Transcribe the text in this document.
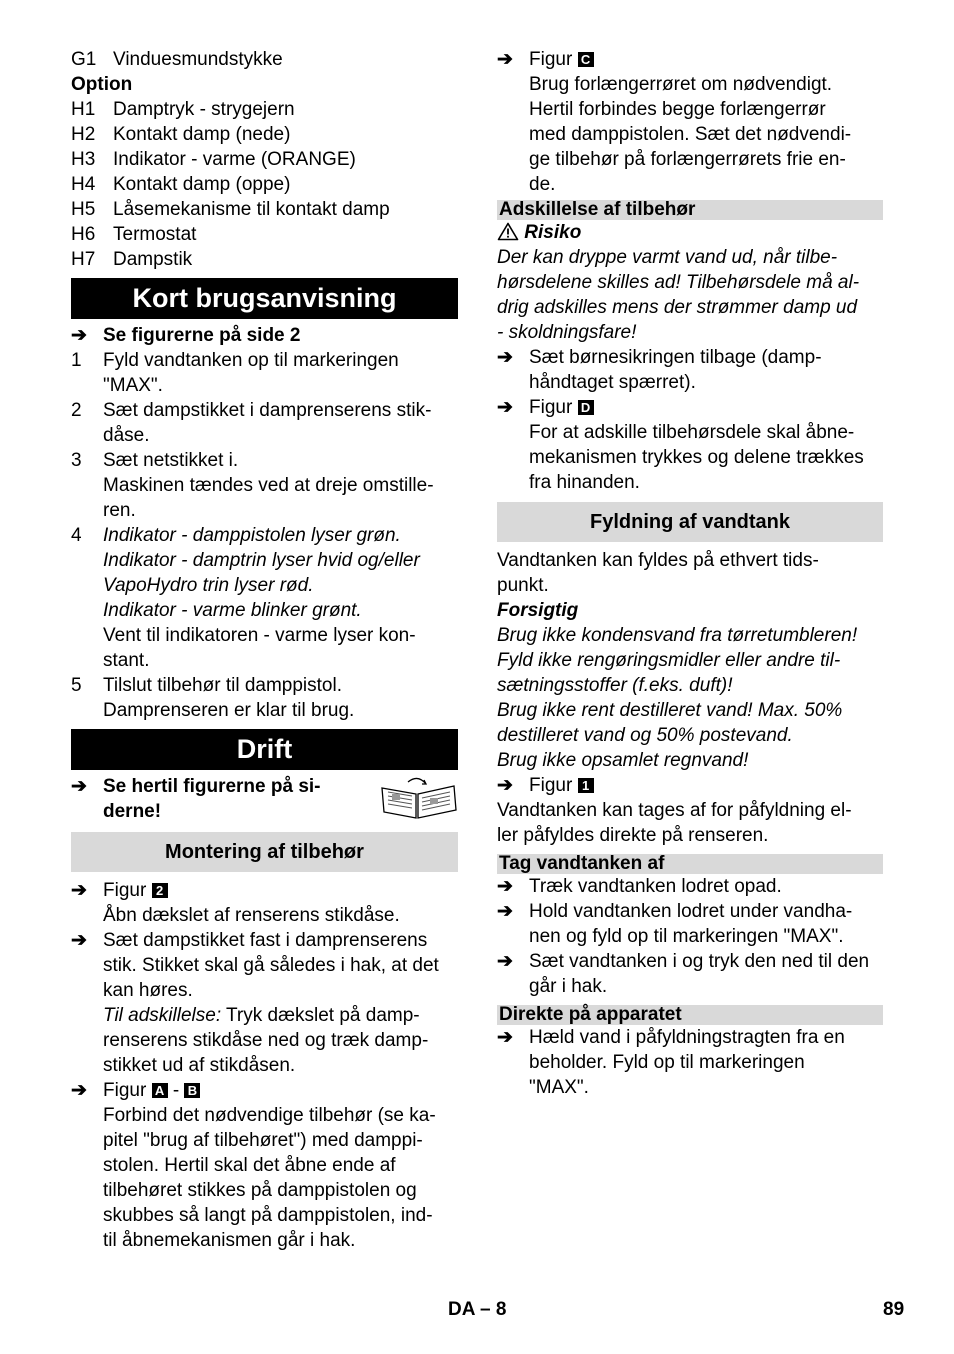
G1 Vinduesmundstykke
Option
H1 Damptryk - strygejern
H2 Kontakt damp (nede)
H3 Indikator - varme (ORANGE)
H4 Kontakt damp (oppe)
H5 Låsemekanisme til kontakt damp
H6 Termostat
H7 Dampstik
Kort brugsanvisning
➔ Se figurerne på side 2
1	Fyld vandtanken op til markeringen
"MAX".
2	Sæt dampstikket i damprenserens stik-
dåse.
3	Sæt netstikket i.
Maskinen tændes ved at dreje omstille-
ren.
4	Indikator - damppistolen lyser grøn.
Indikator - damptrin lyser hvid og/eller
VapoHydro trin lyser rød.
Indikator - varme blinker grønt.
Vent til indikatoren - varme lyser kon-
stant.
5	Tilslut tilbehør til damppistol.
Damprenseren er klar til brug.
Drift
➔ Se hertil figurerne på si-
derne!
Montering af tilbehør
➔ Figur 2
Åbn dækslet af renserens stikdåse.
➔ Sæt dampstikket fast i damprenserens
stik. Stikket skal gå således i hak, at det
kan høres.
Til adskillelse: Tryk dækslet på damp-
renserens stikdåse ned og træk damp-
stikket ud af stikdåsen.
➔ Figur A - B
Forbind det nødvendige tilbehør (se ka-
pitel "brug af tilbehøret") med damppi-
stolen. Hertil skal det åbne ende af
tilbehøret stikkes på damppistolen og
skubbes så langt på damppistolen, ind-
til åbnemekanismen går i hak.
➔ Figur C
Brug forlængerrøret om nødvendigt.
Hertil forbindes begge forlængerrør
med damppistolen. Sæt det nødvendi-
ge tilbehør på forlængerrørets frie en-
de.
Adskillelse af tilbehør
Risiko
Der kan dryppe varmt vand ud, når tilbe-
hørsdelene skilles ad! Tilbehørsdele må al-
drig adskilles mens der strømmer damp ud
- skoldningsfare!
➔ Sæt børnesikringen tilbage (damp-
håndtaget spærret).
➔ Figur D
For at adskille tilbehørsdele skal åbne-
mekanismen trykkes og delene trækkes
fra hinanden.
Fyldning af vandtank
Vandtanken kan fyldes på ethvert tids-
punkt.
Forsigtig
Brug ikke kondensvand fra tørretumbleren!
Fyld ikke rengøringsmidler eller andre til-
sætningsstoffer (f.eks. duft)!
Brug ikke rent destilleret vand! Max. 50%
destilleret vand og 50% postevand.
Brug ikke opsamlet regnvand!
➔ Figur 1
Vandtanken kan tages af for påfyldning el-
ler påfyldes direkte på renseren.
Tag vandtanken af
➔ Træk vandtanken lodret opad.
➔ Hold vandtanken lodret under vandha-
nen og fyld op til markeringen "MAX".
➔ Sæt vandtanken i og tryk den ned til den
går i hak.
Direkte på apparatet
➔ Hæld vand i påfyldningstragten fra en
beholder. Fyld op til markeringen
"MAX".
DA – 8	89
